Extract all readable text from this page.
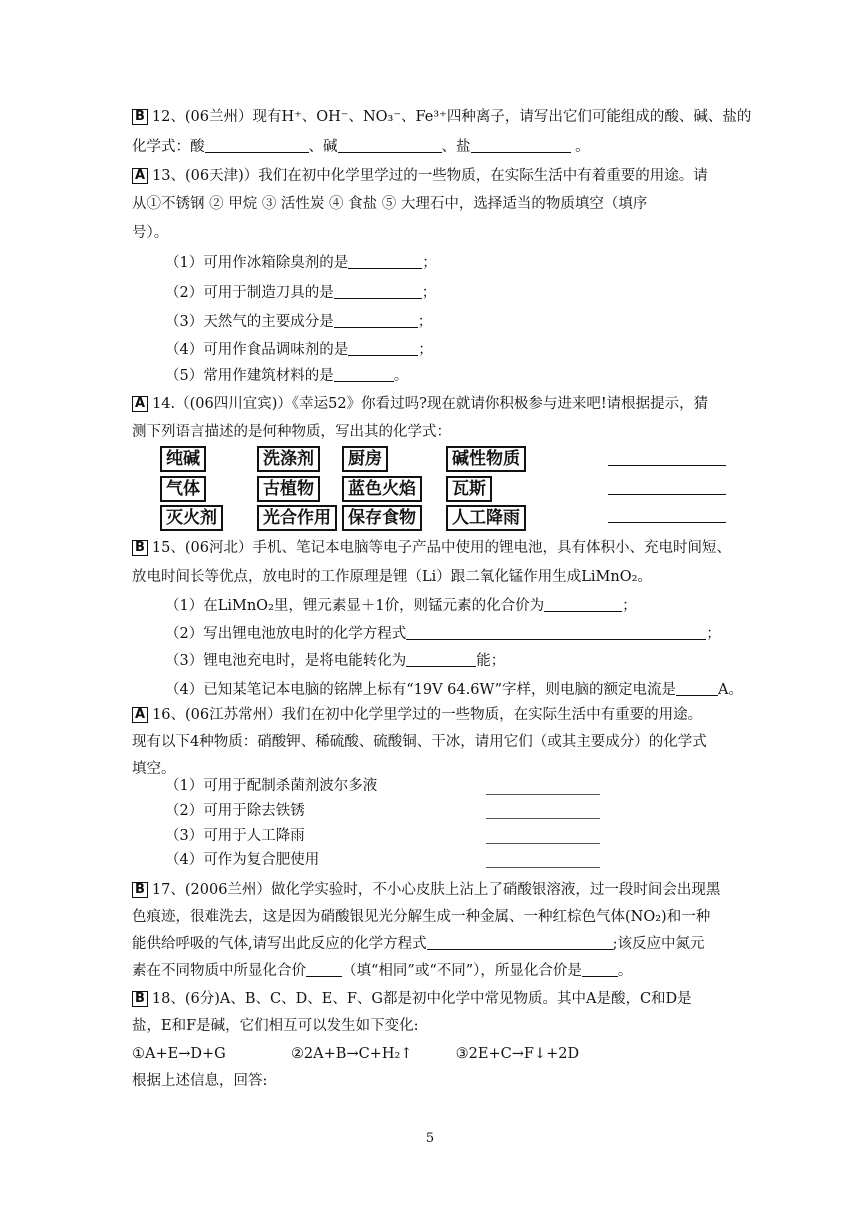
B 12、(06兰州）现有H⁺、OH⁻、NO₃⁻、Fe³⁺四种离子，请写出它们可能组成的酸、碱、盐的
化学式：酸	、碱	、盐	。
A 13、(06天津)）我们在初中化学里学过的一些物质，在实际生活中有着重要的用途。请
从①不锈钢 ② 甲烷 ③ 活性炭 ④ 食盐 ⑤ 大理石中，选择适当的物质填空（填序
号）。
（1）可用作冰箱除臭剂的是	；
（2）可用于制造刀具的是	；
（3）天然气的主要成分是	；
（4）可用作食品调味剂的是	；
（5）常用作建筑材料的是	。
A 14.（(06四川宜宾)）《幸运52》你看过吗?现在就请你积极参与进来吧!请根据提示，猜
测下列语言描述的是何种物质，写出其的化学式：
纯碱	洗涤剂	厨房	碱性物质
气体	古植物	蓝色火焰	瓦斯
灭火剂	光合作用	保存食物	人工降雨
B 15、(06河北）手机、笔记本电脑等电子产品中使用的锂电池，具有体积小、充电时间短、
放电时间长等优点，放电时的工作原理是锂（Li）跟二氧化锰作用生成LiMnO₂。
（1）在LiMnO₂里，锂元素显＋1价，则锰元素的化合价为	；
（2）写出锂电池放电时的化学方程式	；
（3）锂电池充电时，是将电能转化为	能；
（4）已知某笔记本电脑的铭牌上标有“19V 64.6W”字样，则电脑的额定电流是	A。
A 16、(06江苏常州）我们在初中化学里学过的一些物质，在实际生活中有重要的用途。
现有以下4种物质：硝酸钾、稀硫酸、硫酸铜、干冰，请用它们（或其主要成分）的化学式
填空。
（1）可用于配制杀菌剂波尔多液
（2）可用于除去铁锈
（3）可用于人工降雨
（4）可作为复合肥使用
B 17、(2006兰州）做化学实验时，不小心皮肤上沾上了硝酸银溶液，过一段时间会出现黑
色痕迹，很难洗去，这是因为硝酸银见光分解生成一种金属、一种红棕色气体(NO₂)和一种
能供给呼吸的气体,请写出此反应的化学方程式	;该反应中氮元
素在不同物质中所显化合价 （填“相同”或“不同”），所显化合价是 。
B 18、(6分)A、B、C、D、E、F、G都是初中化学中常见物质。其中A是酸，C和D是
盐，E和F是碱，它们相互可以发生如下变化:
①A+E→D+G	②2A+B→C+H₂↑	③2E+C→F↓+2D
根据上述信息，回答:
5
